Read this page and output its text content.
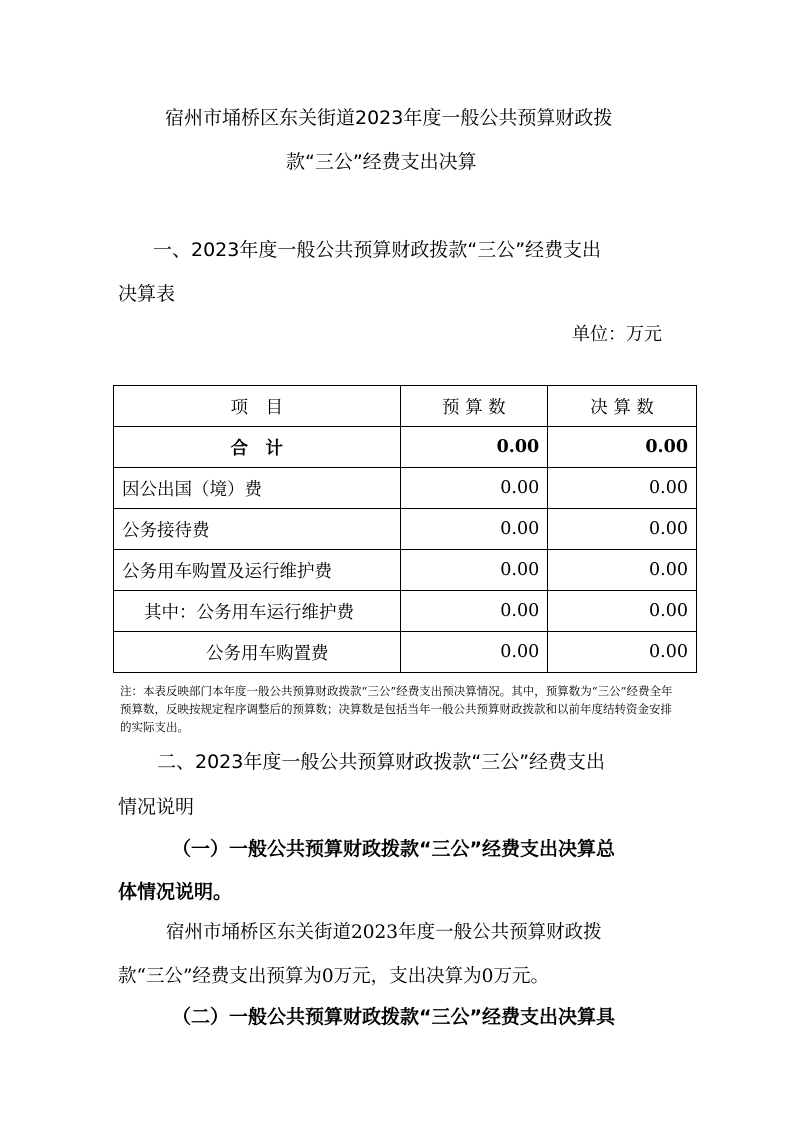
宿州市埇桥区东关街道2023年度一般公共预算财政拨
款“三公”经费支出决算
一、2023年度一般公共预算财政拨款“三公”经费支出
决算表
单位：万元
项　目	预 算 数	决 算 数
合　计	0.00	0.00
因公出国（境）费	0.00	0.00
公务接待费	0.00	0.00
公务用车购置及运行维护费	0.00	0.00
其中：公务用车运行维护费	0.00	0.00
公务用车购置费	0.00	0.00
注：本表反映部门本年度一般公共预算财政拨款“三公”经费支出预决算情况。其中，预算数为“三公”经费全年预算数，反映按规定程序调整后的预算数；决算数是包括当年一般公共预算财政拨款和以前年度结转资金安排的实际支出。
二、2023年度一般公共预算财政拨款“三公”经费支出
情况说明
（一）一般公共预算财政拨款“三公”经费支出决算总
体情况说明。
宿州市埇桥区东关街道2023年度一般公共预算财政拨
款“三公”经费支出预算为0万元，支出决算为0万元。
（二）一般公共预算财政拨款“三公”经费支出决算具
